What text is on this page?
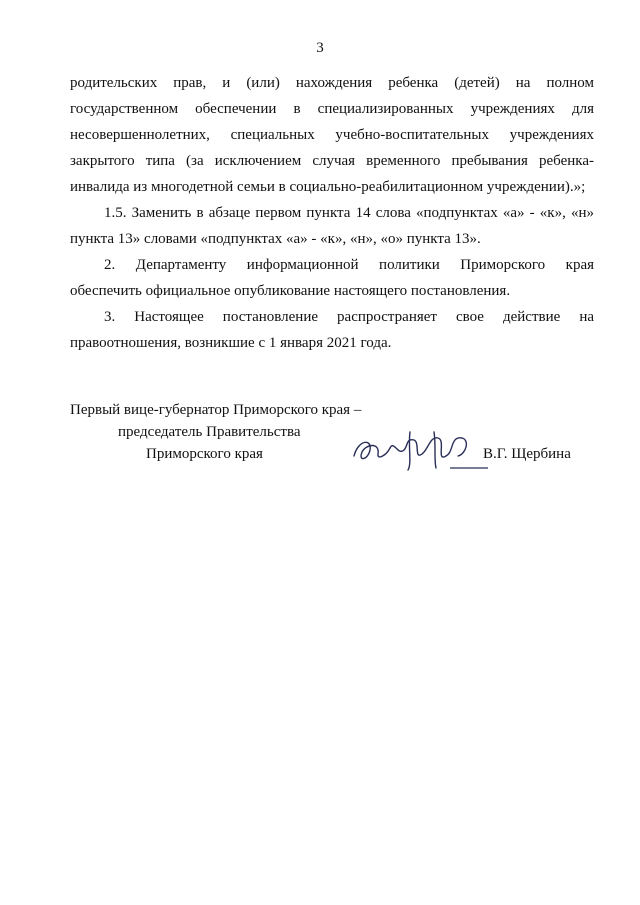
3
родительских прав, и (или) нахождения ребенка (детей) на полном
государственном обеспечении в специализированных учреждениях для
несовершеннолетних, специальных учебно-воспитательных учреждениях
закрытого типа (за исключением случая временного пребывания ребенка-
инвалида из многодетной семьи в социально-реабилитационном учреждении).»;
1.5. Заменить в абзаце первом пункта 14 слова «подпунктах «а» - «к», «н»
пункта 13» словами «подпунктах «а» - «к», «н», «о» пункта 13».
2. Департаменту информационной политики Приморского края
обеспечить официальное опубликование настоящего постановления.
3. Настоящее постановление распространяет свое действие на
правоотношения, возникшие с 1 января 2021 года.
Первый вице-губернатор Приморского края –
председатель Правительства
Приморского края	В.Г. Щербина
